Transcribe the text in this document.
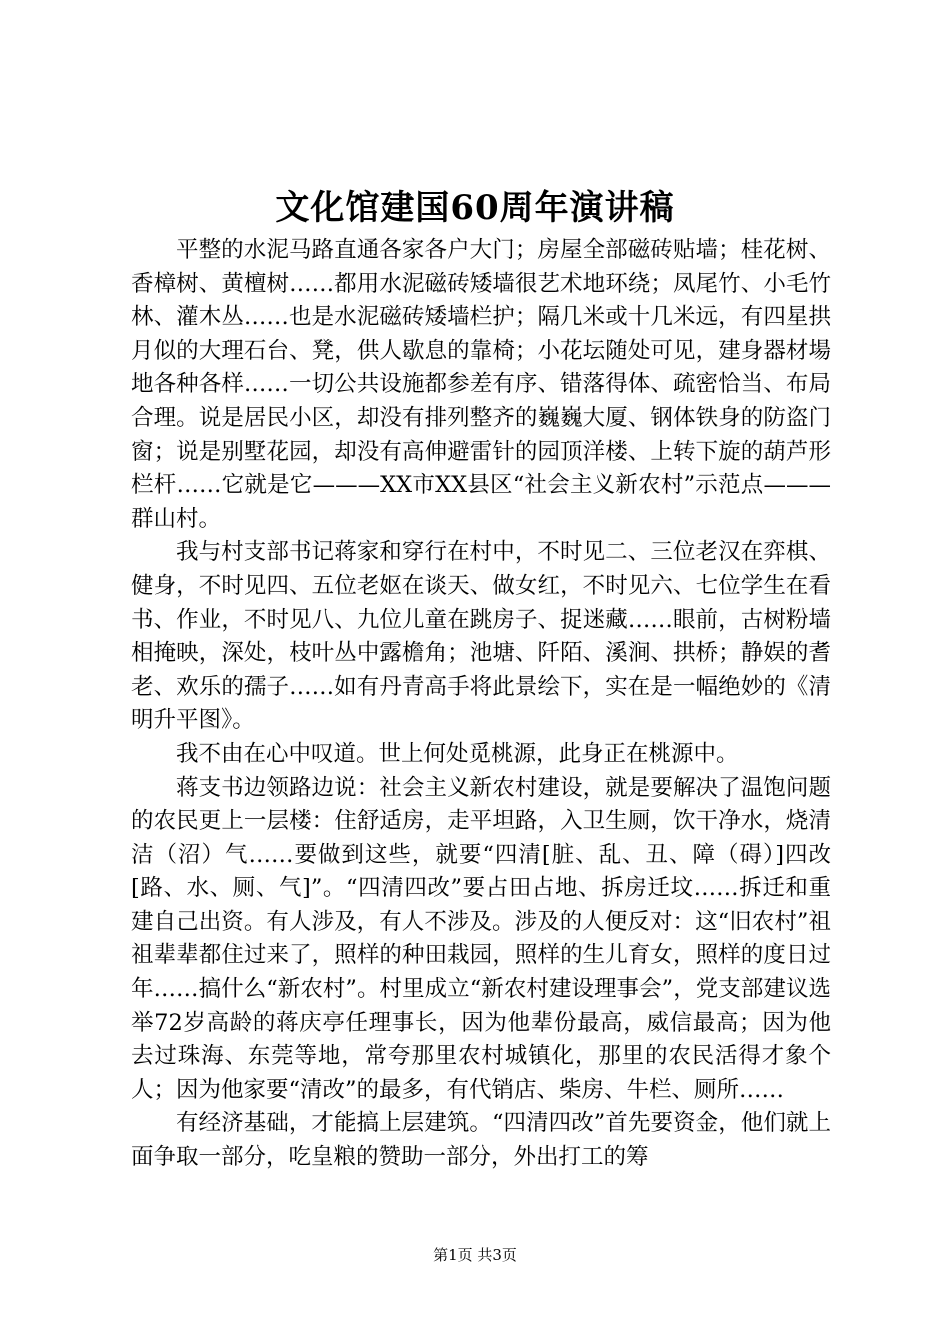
文化馆建国60周年演讲稿

平整的水泥马路直通各家各户大门；房屋全部磁砖贴墙；桂花树、香樟树、黄檀树……都用水泥磁砖矮墙很艺术地环绕；凤尾竹、小毛竹林、灌木丛……也是水泥磁砖矮墙栏护；隔几米或十几米远，有四星拱月似的大理石台、凳，供人歇息的靠椅；小花坛随处可见，建身器材場地各种各样……一切公共设施都参差有序、错落得体、疏密恰当、布局合理。说是居民小区，却没有排列整齐的巍巍大厦、钢体铁身的防盗门窗；说是别墅花园，却没有高伸避雷针的园顶洋楼、上转下旋的葫芦形栏杆……它就是它———XX市XX县区“社会主义新农村”示范点———群山村。

我与村支部书记蒋家和穿行在村中，不时见二、三位老汉在弈棋、健身，不时见四、五位老妪在谈天、做女红，不时见六、七位学生在看书、作业，不时见八、九位儿童在跳房子、捉迷藏……眼前，古树粉墙相掩映，深处，枝叶丛中露檐角；池塘、阡陌、溪涧、拱桥；静娱的耆老、欢乐的孺子……如有丹青高手将此景绘下，实在是一幅绝妙的《清明升平图》。

我不由在心中叹道。世上何处觅桃源，此身正在桃源中。

蒋支书边领路边说：社会主义新农村建设，就是要解决了温饱问题的农民更上一层楼：住舒适房，走平坦路，入卫生厕，饮干净水，烧清洁（沼）气……要做到这些，就要“四清[脏、乱、丑、障（碍）]四改[路、水、厕、气]”。“四清四改”要占田占地、拆房迁坟……拆迁和重建自己出资。有人涉及，有人不涉及。涉及的人便反对：这“旧农村”祖祖辈辈都住过来了，照样的种田栽园，照样的生儿育女，照样的度日过年……搞什么“新农村”。村里成立“新农村建设理事会”，党支部建议选举72岁高龄的蒋庆亭任理事长，因为他辈份最高，威信最高；因为他去过珠海、东莞等地，常夸那里农村城镇化，那里的农民活得才象个人；因为他家要“清改”的最多，有代销店、柴房、牛栏、厕所……

有经济基础，才能搞上层建筑。“四清四改”首先要资金，他们就上面争取一部分，吃皇粮的赞助一部分，外出打工的筹

第1页 共3页
